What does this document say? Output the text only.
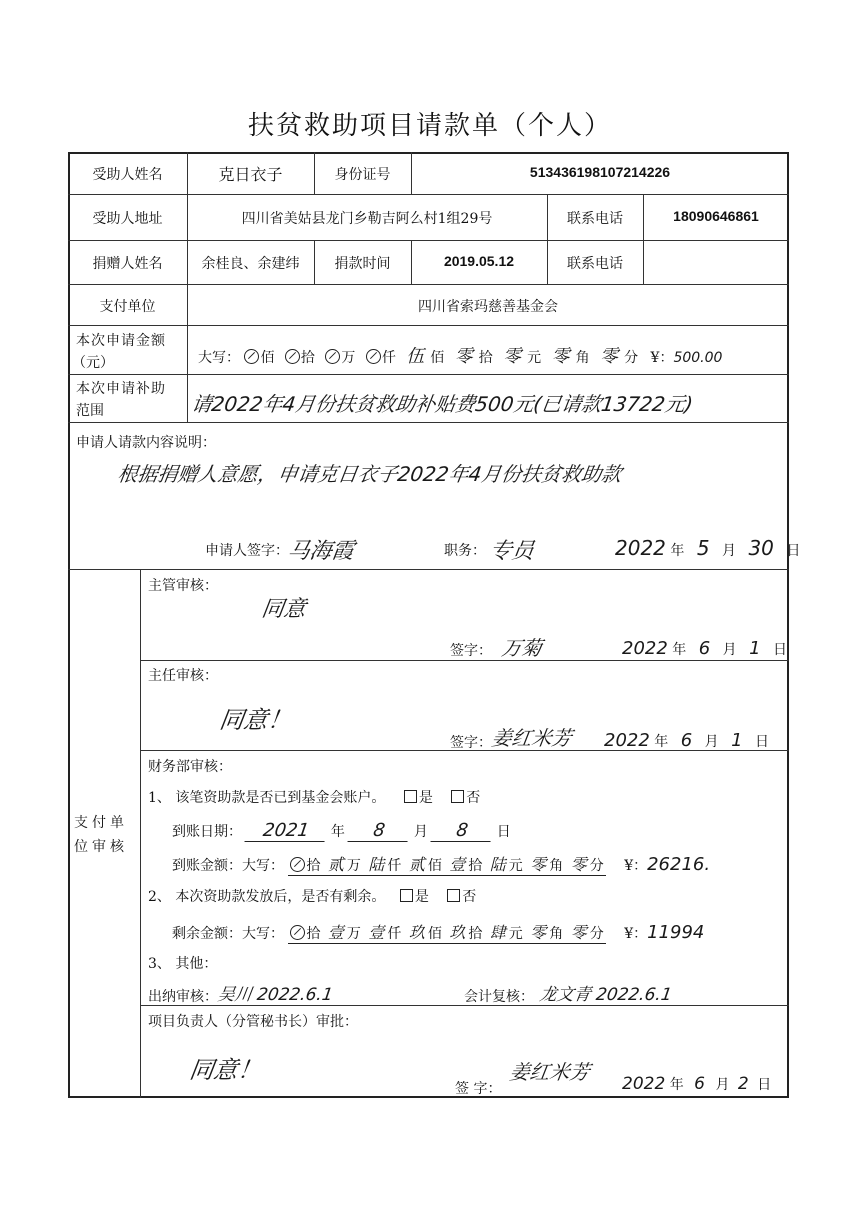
扶贫救助项目请款单（个人）
受助人姓名	克日衣子	身份证号	513436198107214226
受助人地址	四川省美姑县龙门乡勒吉阿么村1组29号	联系电话	18090646861
捐赠人姓名	余桂良、余建纬	捐款时间	2019.05.12	联系电话
支付单位	四川省索玛慈善基金会
本次申请金额
（元）	大写： 佰 拾 万 仟 伍 佰 零 拾 零 元 零 角 零 分 ¥：500.00
本次申请补助
范围	请2022年4月份扶贫救助补贴费500元(已请款13722元)
申请人请款内容说明：
根据捐赠人意愿，申请克日衣子2022年4月份扶贫救助款
申请人签字：
马海霞	职务： 专员	2022 年 5 月 30 日
支付单
位审核
主管审核：
同意
签字： 万菊	2022 年 6 月 1 日
主任审核：
同意！
签字：
姜红米芳 2022 年 6 月 1 日
财务部审核：
1、 该笔资助款是否已到基金会账户。 是 否
到账日期： 2021 年 8 月 8 日
到账金额：大写： 拾 贰 万 陆 仟 贰 佰 壹 拾 陆 元 零 角 零 分 ¥：26216.
2、 本次资助款发放后，是否有剩余。 是 否
剩余金额：大写： 拾 壹 万 壹 仟 玖 佰 玖 拾 肆 元 零 角 零 分 ¥：11994
3、 其他：
出纳审核：
吴川 2022.6.1	会计复核： 龙文青 2022.6.1
项目负责人（分管秘书长）审批：
同意！
签 字：
姜红米芳 2022 年 6 月 2 日
